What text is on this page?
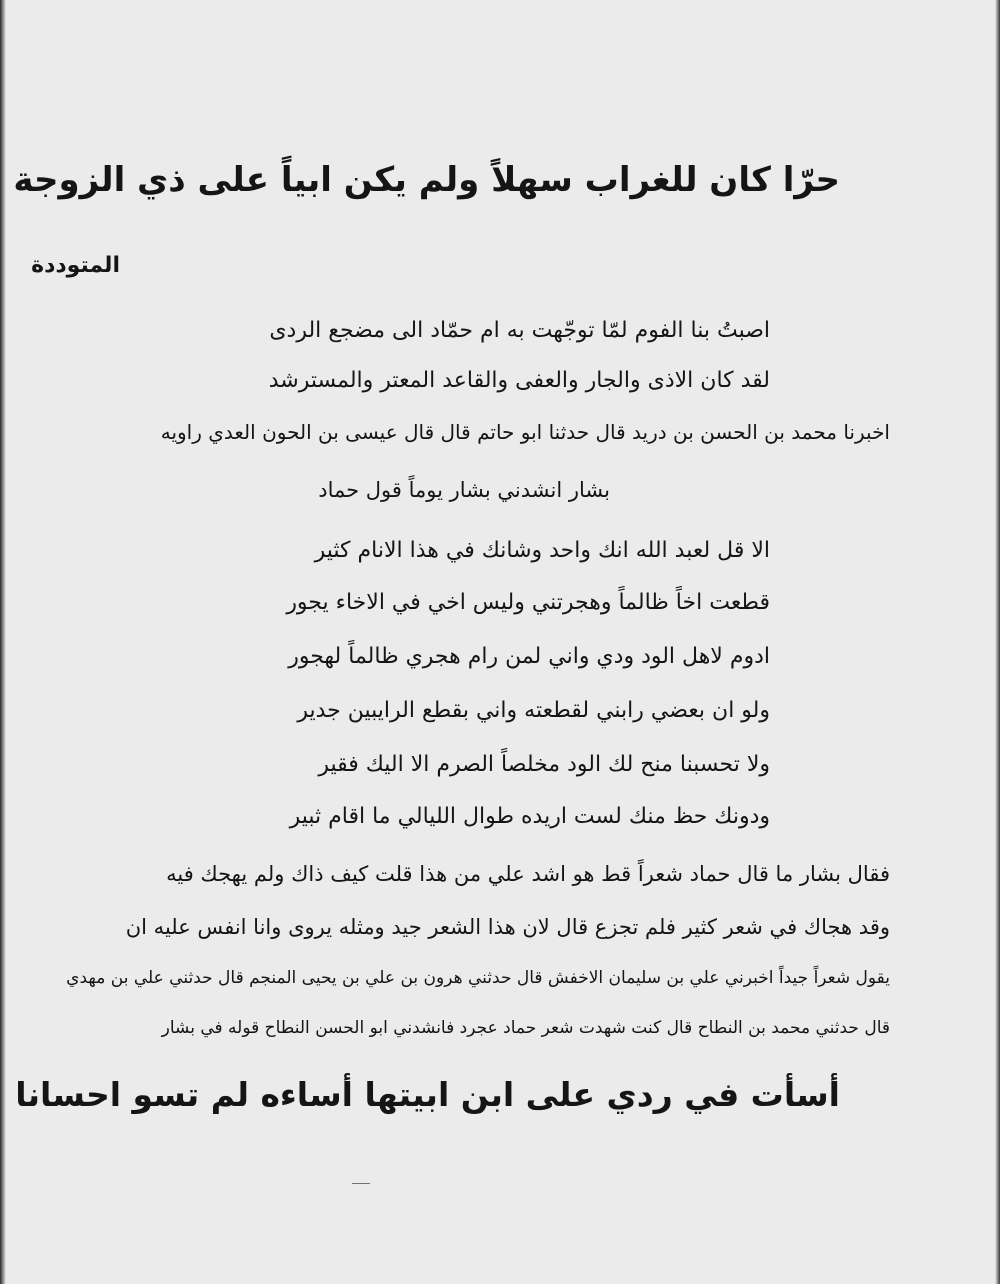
حرّا كان للغراب سهلاً ولم يكن ابياً على ذي الزوجة
المتوددة
اصبتُ بنا الفوم لمّا توجّهت به ام حمّاد الى مضجع الردى
لقد كان الاذى والجار والعفى والقاعد المعتر والمسترشد
اخبرنا محمد بن الحسن بن دريد قال حدثنا ابو حاتم قال قال عيسى بن الحون العدي راويه
بشار انشدني بشار يوماً قول حماد
الا قل لعبد الله انك واحد وشانك في هذا الانام كثير
قطعت اخاً ظالماً وهجرتني وليس اخي في الاخاء يجور
ادوم لاهل الود ودي واني لمن رام هجري ظالماً لهجور
ولو ان بعضي رابني لقطعته واني بقطع الرايبين جدير
ولا تحسبنا منح لك الود مخلصاً الصرم الا اليك فقير
ودونك حظ منك لست اريده طوال الليالي ما اقام ثبير
فقال بشار ما قال حماد شعراً قط هو اشد علي من هذا قلت كيف ذاك ولم يهجك فيه
وقد هجاك في شعر كثير فلم تجزع قال لان هذا الشعر جيد ومثله يروى وانا انفس عليه ان
يقول شعراً جيداً اخبرني علي بن سليمان الاخفش قال حدثني هرون بن علي بن يحيى المنجم قال حدثني علي بن مهدي
قال حدثني محمد بن النطاح قال كنت شهدت شعر حماد عجرد فانشدني ابو الحسن النطاح قوله في بشار
أسأت في ردي على ابن ابيتها أساءه لم تسو احسانا
ـــ
